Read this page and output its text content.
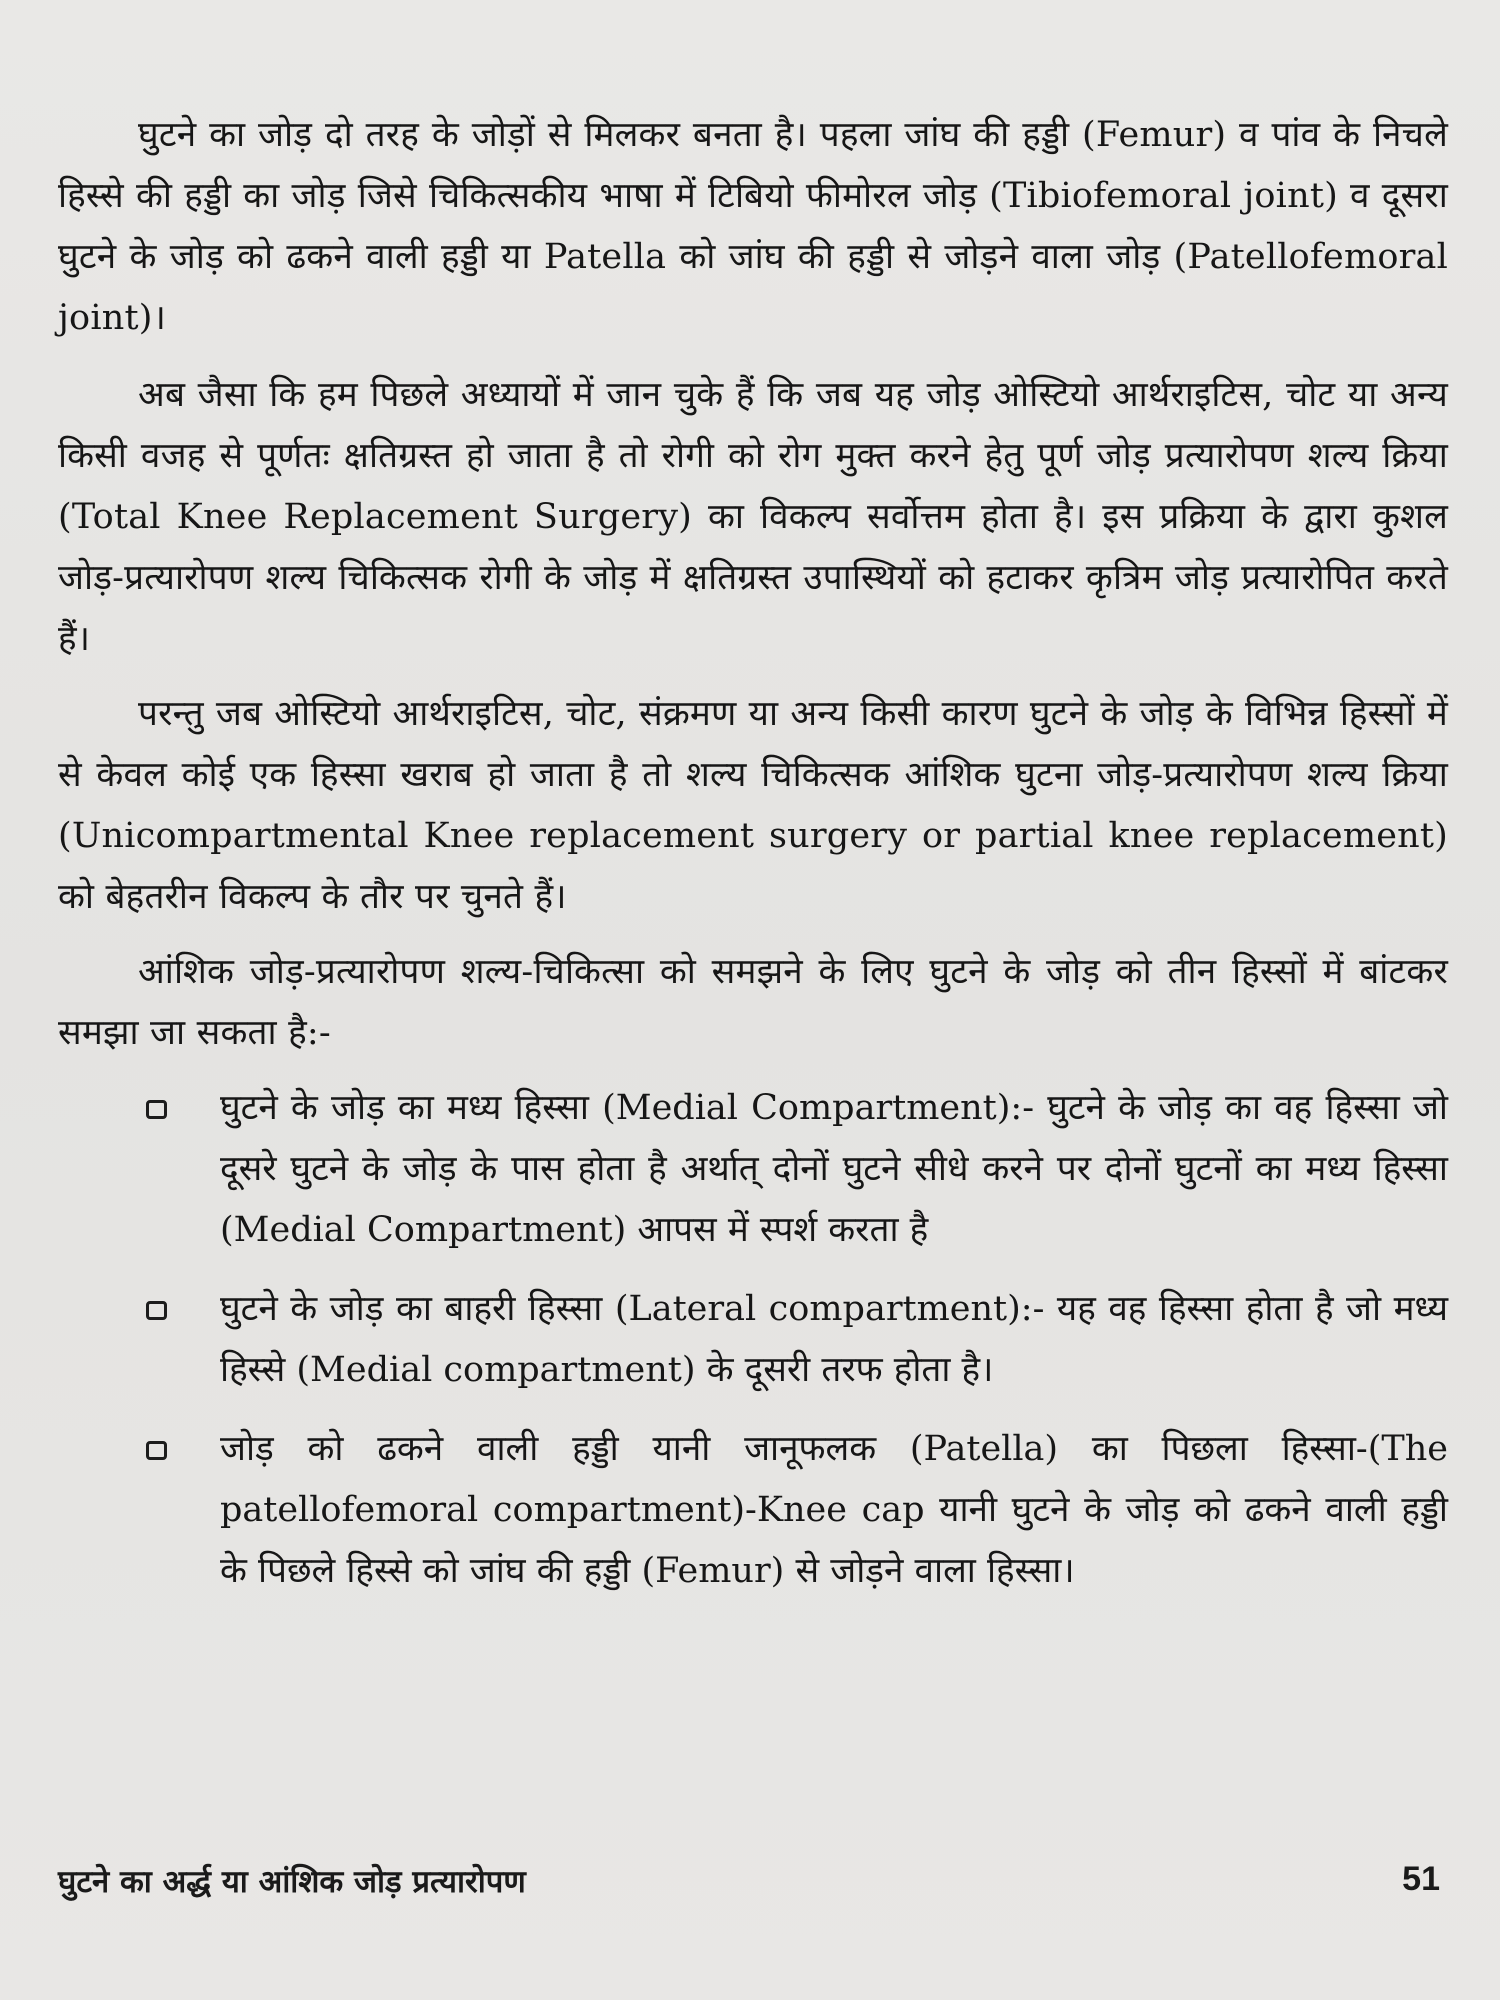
घुटने का जोड़ दो तरह के जोड़ों से मिलकर बनता है। पहला जांघ की हड्डी (Femur) व पांव के निचले हिस्से की हड्डी का जोड़ जिसे चिकित्सकीय भाषा में टिबियो फीमोरल जोड़ (Tibiofemoral joint) व दूसरा घुटने के जोड़ को ढकने वाली हड्डी या Patella को जांघ की हड्डी से जोड़ने वाला जोड़ (Patellofemoral joint)।

अब जैसा कि हम पिछले अध्यायों में जान चुके हैं कि जब यह जोड़ ओस्टियो आर्थराइटिस, चोट या अन्य किसी वजह से पूर्णतः क्षतिग्रस्त हो जाता है तो रोगी को रोग मुक्त करने हेतु पूर्ण जोड़ प्रत्यारोपण शल्य क्रिया (Total Knee Replacement Surgery) का विकल्प सर्वोत्तम होता है। इस प्रक्रिया के द्वारा कुशल जोड़-प्रत्यारोपण शल्य चिकित्सक रोगी के जोड़ में क्षतिग्रस्त उपास्थियों को हटाकर कृत्रिम जोड़ प्रत्यारोपित करते हैं।

परन्तु जब ओस्टियो आर्थराइटिस, चोट, संक्रमण या अन्य किसी कारण घुटने के जोड़ के विभिन्न हिस्सों में से केवल कोई एक हिस्सा खराब हो जाता है तो शल्य चिकित्सक आंशिक घुटना जोड़-प्रत्यारोपण शल्य क्रिया (Unicompartmental Knee replacement surgery or partial knee replacement) को बेहतरीन विकल्प के तौर पर चुनते हैं।

आंशिक जोड़-प्रत्यारोपण शल्य-चिकित्सा को समझने के लिए घुटने के जोड़ को तीन हिस्सों में बांटकर समझा जा सकता है:-

घुटने के जोड़ का मध्य हिस्सा (Medial Compartment):- घुटने के जोड़ का वह हिस्सा जो दूसरे घुटने के जोड़ के पास होता है अर्थात् दोनों घुटने सीधे करने पर दोनों घुटनों का मध्य हिस्सा (Medial Compartment) आपस में स्पर्श करता है
घुटने के जोड़ का बाहरी हिस्सा (Lateral compartment):- यह वह हिस्सा होता है जो मध्य हिस्से (Medial compartment) के दूसरी तरफ होता है।
जोड़ को ढकने वाली हड्डी यानी जानूफलक (Patella) का पिछला हिस्सा-(The patellofemoral compartment)-Knee cap यानी घुटने के जोड़ को ढकने वाली हड्डी के पिछले हिस्से को जांघ की हड्डी (Femur) से जोड़ने वाला हिस्सा।
घुटने का अर्द्ध या आंशिक जोड़ प्रत्यारोपण	51
